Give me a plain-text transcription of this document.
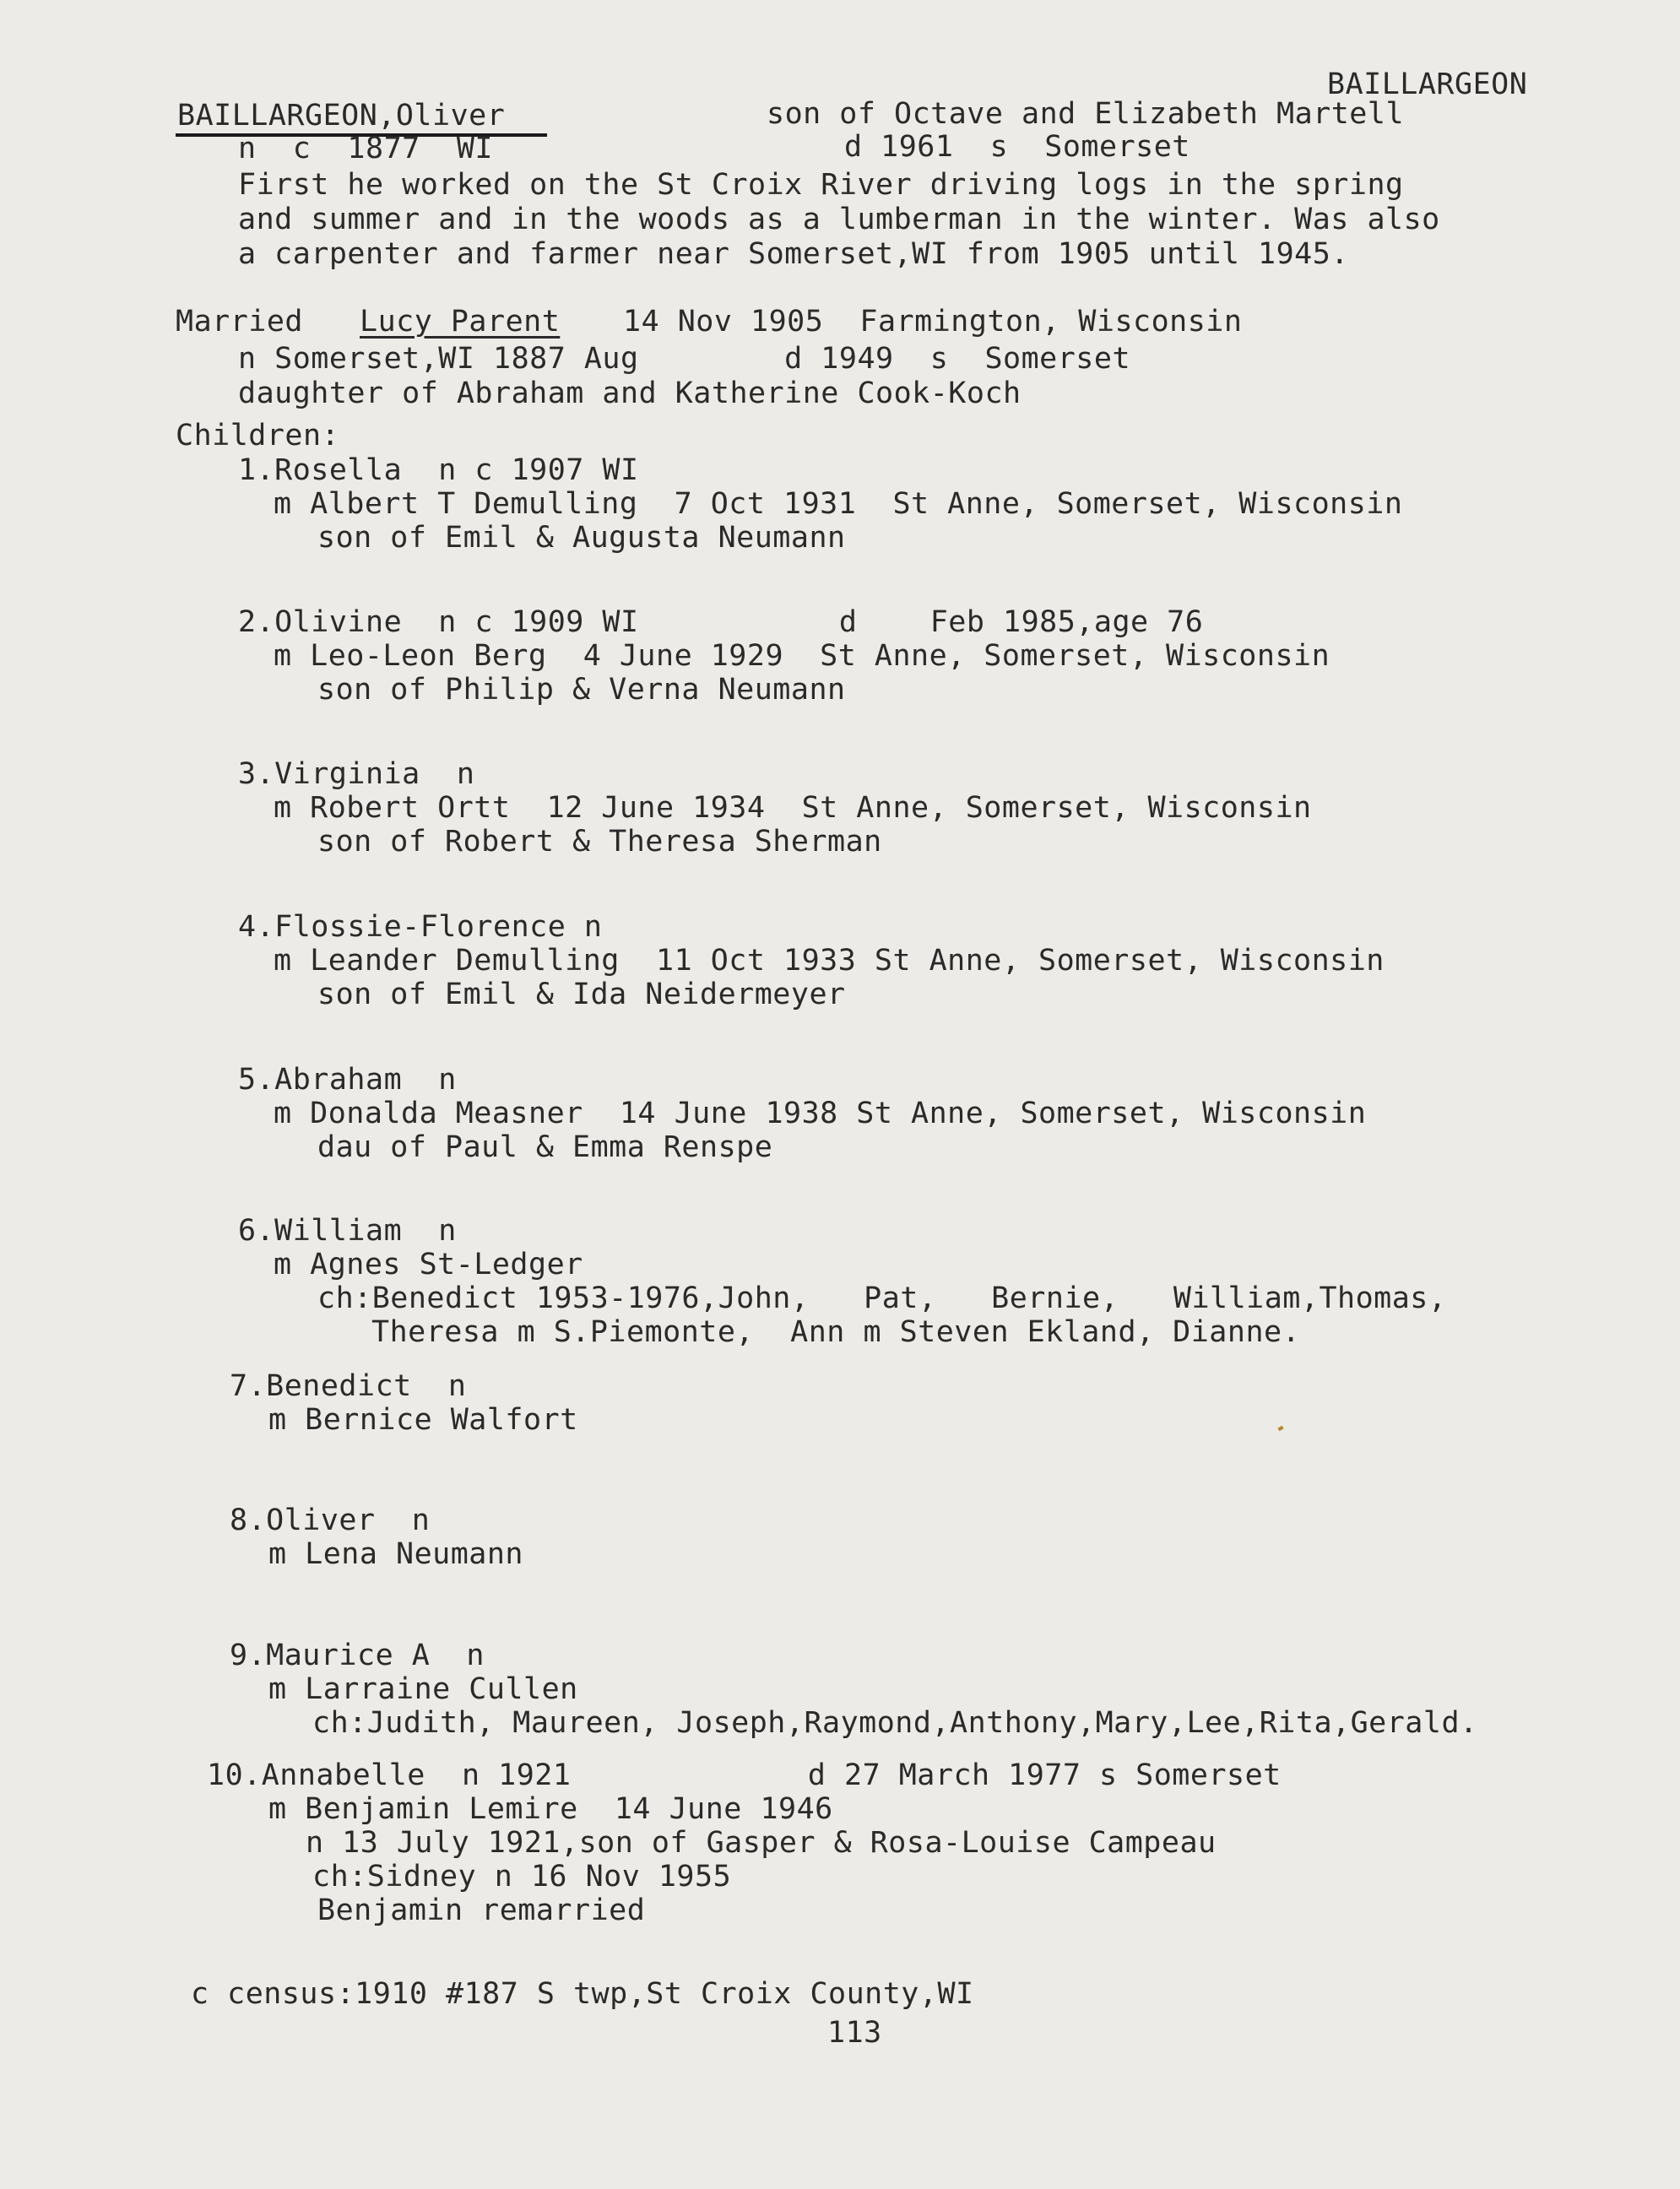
BAILLARGEON
BAILLARGEON,Oliver	son of Octave and Elizabeth Martell
n  c  1877  WI	d 1961  s  Somerset
First he worked on the St Croix River driving logs in the spring
and summer and in the woods as a lumberman in the winter. Was also
a carpenter and farmer near Somerset,WI from 1905 until 1945.
Married Lucy Parent 14 Nov 1905  Farmington, Wisconsin
n Somerset,WI 1887 Aug        d 1949  s  Somerset
daughter of Abraham and Katherine Cook-Koch
Children:
1.Rosella  n c 1907 WI
m Albert T Demulling  7 Oct 1931  St Anne, Somerset, Wisconsin
son of Emil & Augusta Neumann
2.Olivine  n c 1909 WI           d    Feb 1985,age 76
m Leo-Leon Berg  4 June 1929  St Anne, Somerset, Wisconsin
son of Philip & Verna Neumann
3.Virginia  n
m Robert Ortt  12 June 1934  St Anne, Somerset, Wisconsin
son of Robert & Theresa Sherman
4.Flossie-Florence n
m Leander Demulling  11 Oct 1933 St Anne, Somerset, Wisconsin
son of Emil & Ida Neidermeyer
5.Abraham  n
m Donalda Measner  14 June 1938 St Anne, Somerset, Wisconsin
dau of Paul & Emma Renspe
6.William  n
m Agnes St-Ledger
ch:Benedict 1953-1976,John,   Pat,   Bernie,   William,Thomas,
Theresa m S.Piemonte,  Ann m Steven Ekland, Dianne.
7.Benedict  n
m Bernice Walfort
8.Oliver  n
m Lena Neumann
9.Maurice A  n
m Larraine Cullen
ch:Judith, Maureen, Joseph,Raymond,Anthony,Mary,Lee,Rita,Gerald.
10.Annabelle  n 1921             d 27 March 1977 s Somerset
m Benjamin Lemire  14 June 1946
n 13 July 1921,son of Gasper & Rosa-Louise Campeau
ch:Sidney n 16 Nov 1955
Benjamin remarried
c census:1910 #187 S twp,St Croix County,WI
113
